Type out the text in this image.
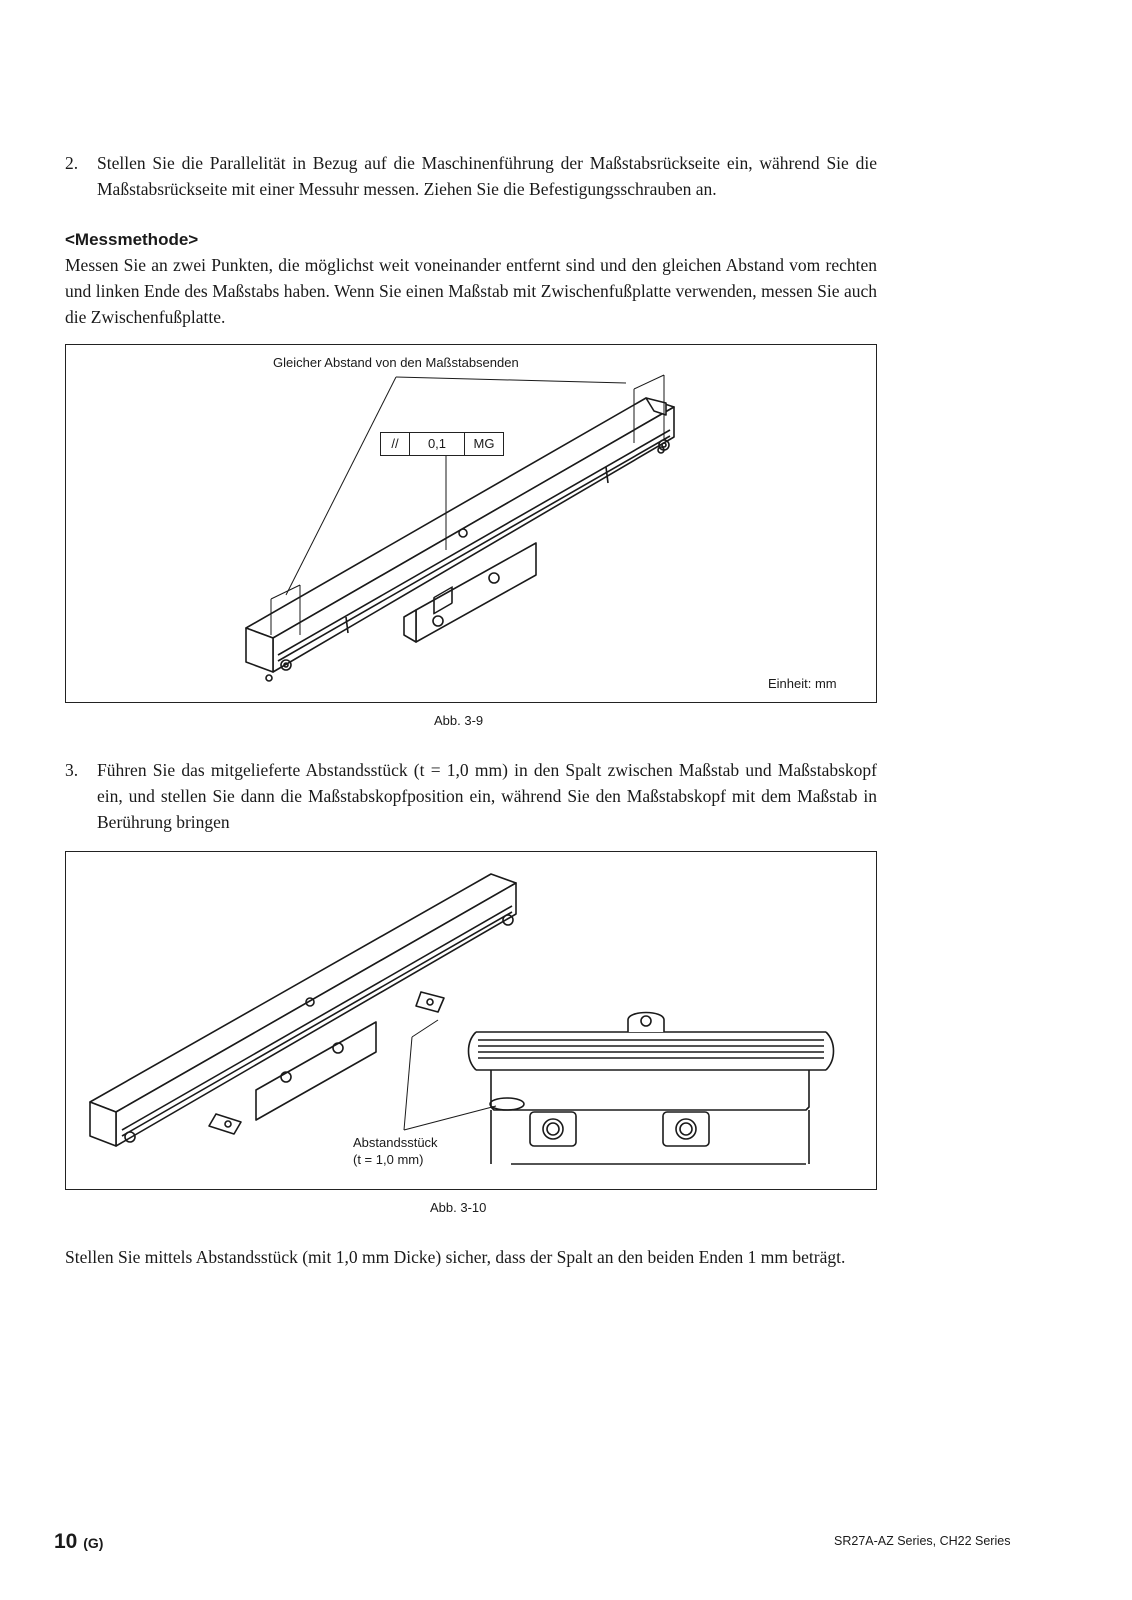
2. Stellen Sie die Parallelität in Bezug auf die Maschinenführung der Maßstabsrückseite ein, während Sie die Maßstabsrückseite mit einer Messuhr messen. Ziehen Sie die Befestigungsschrauben an.
<Messmethode>
Messen Sie an zwei Punkten, die möglichst weit voneinander entfernt sind und den gleichen Abstand vom rechten und linken Ende des Maßstabs haben. Wenn Sie einen Maßstab mit Zwischenfußplatte verwenden, messen Sie auch die Zwischenfußplatte.
Gleicher Abstand von den Maßstabsenden
//	0,1	MG
Einheit: mm
Abb. 3-9
3. Führen Sie das mitgelieferte Abstandsstück (t = 1,0 mm) in den Spalt zwischen Maßstab und Maßstabskopf ein, und stellen Sie dann die Maßstabskopfposition ein, während Sie den Maßstabskopf mit dem Maßstab in Berührung bringen
Abstandsstück
(t = 1,0 mm)
Abb. 3-10
Stellen Sie mittels Abstandsstück (mit 1,0 mm Dicke) sicher, dass der Spalt an den beiden Enden 1 mm beträgt.
10 (G)	SR27A-AZ Series, CH22 Series
